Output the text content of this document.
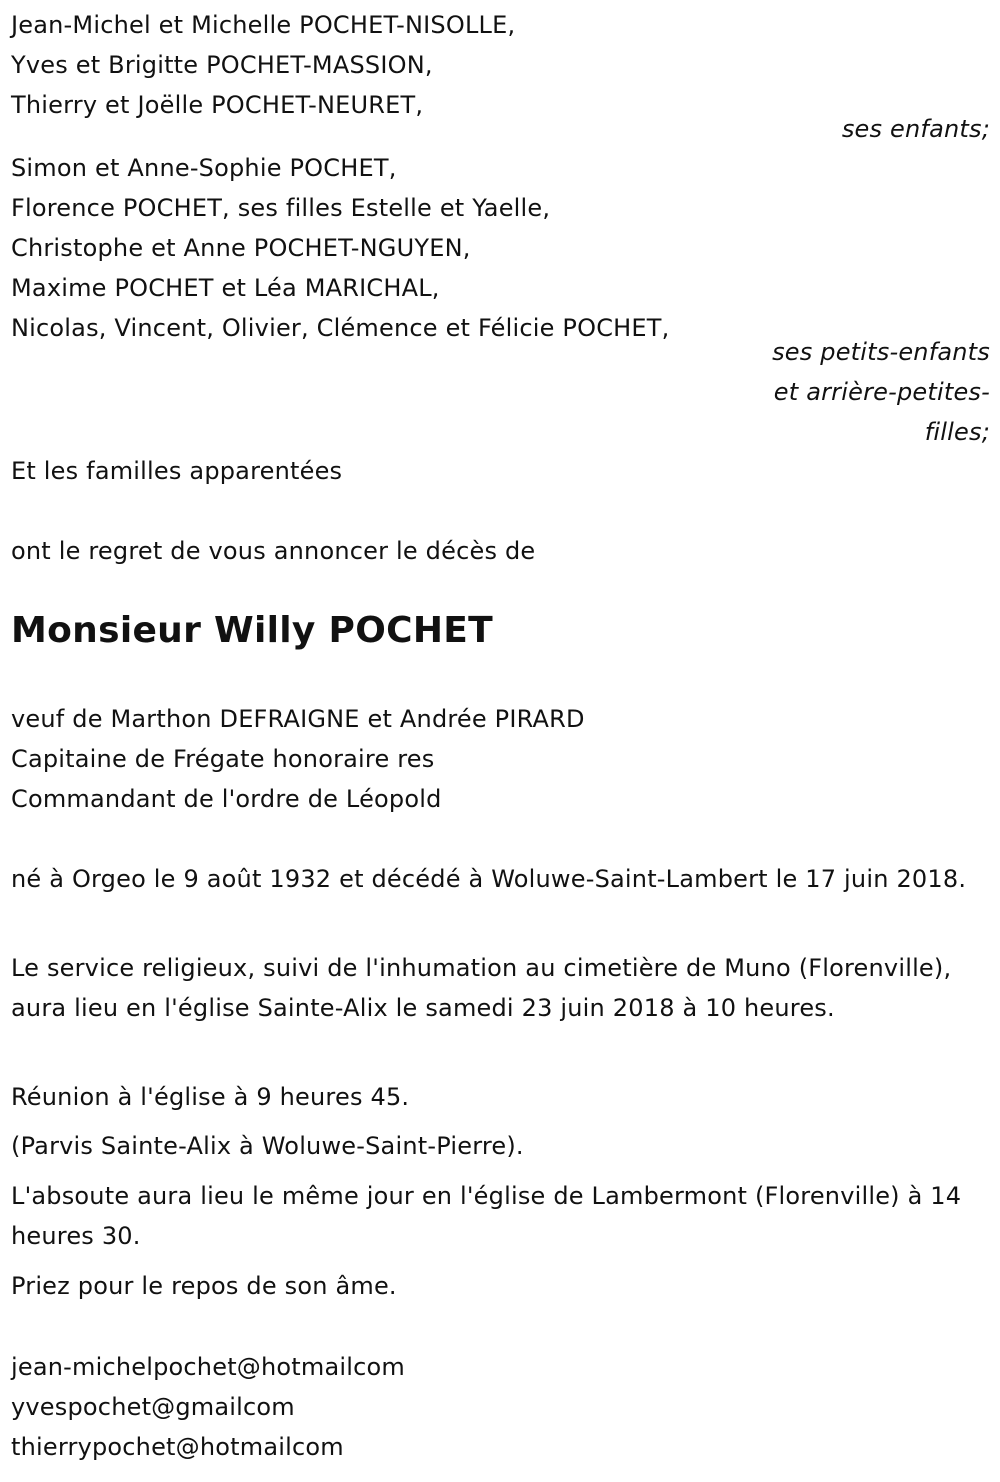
Jean-Michel et Michelle POCHET-NISOLLE,
Yves et Brigitte POCHET-MASSION,
Thierry et Joëlle POCHET-NEURET,
ses enfants;
Simon et Anne-Sophie POCHET,
Florence POCHET, ses filles Estelle et Yaelle,
Christophe et Anne POCHET-NGUYEN,
Maxime POCHET et Léa MARICHAL,
Nicolas, Vincent, Olivier, Clémence et Félicie POCHET,
ses petits-enfants
et arrière-petites-
filles;
Et les familles apparentées
ont le regret de vous annoncer le décès de
Monsieur Willy POCHET
veuf de Marthon DEFRAIGNE et Andrée PIRARD
Capitaine de Frégate honoraire res
Commandant de l'ordre de Léopold
né à Orgeo le 9 août 1932 et décédé à Woluwe-Saint-Lambert le 17 juin 2018.
Le service religieux, suivi de l'inhumation au cimetière de Muno (Florenville), aura lieu en l'église Sainte-Alix le samedi 23 juin 2018 à 10 heures.
Réunion à l'église à 9 heures 45.
(Parvis Sainte-Alix à Woluwe-Saint-Pierre).
L'absoute aura lieu le même jour en l'église de Lambermont (Florenville) à 14 heures 30.
Priez pour le repos de son âme.
jean-michelpochet@hotmailcom
yvespochet@gmailcom
thierrypochet@hotmailcom
